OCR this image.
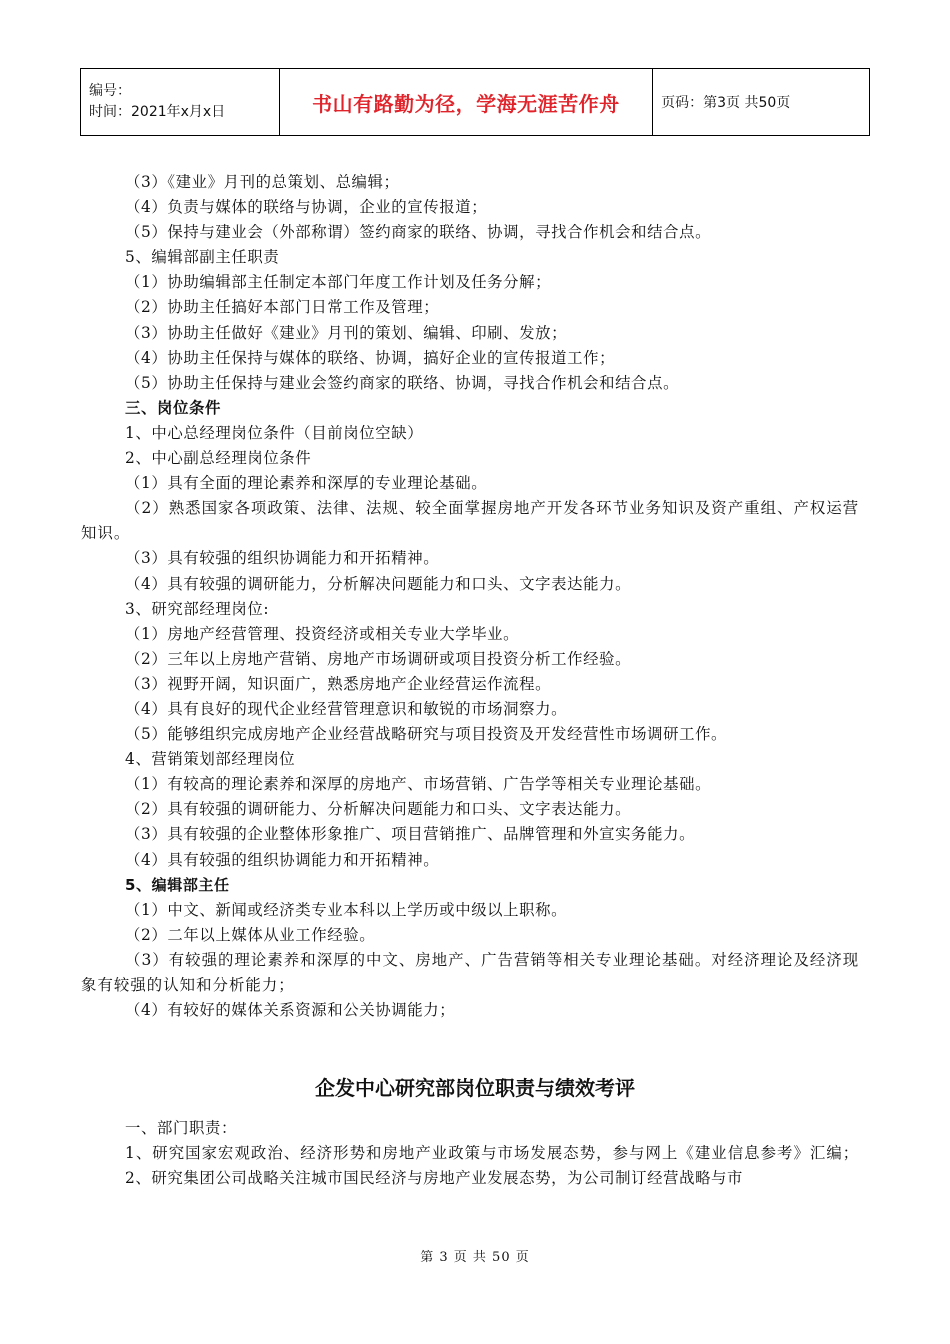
编号：
时间：2021年x月x日	书山有路勤为径，学海无涯苦作舟	页码：第3页 共50页
（3）《建业》月刊的总策划、总编辑；
（4）负责与媒体的联络与协调，企业的宣传报道；
（5）保持与建业会（外部称谓）签约商家的联络、协调，寻找合作机会和结合点。
5、编辑部副主任职责
（1）协助编辑部主任制定本部门年度工作计划及任务分解；
（2）协助主任搞好本部门日常工作及管理；
（3）协助主任做好《建业》月刊的策划、编辑、印刷、发放；
（4）协助主任保持与媒体的联络、协调，搞好企业的宣传报道工作；
（5）协助主任保持与建业会签约商家的联络、协调，寻找合作机会和结合点。
三、岗位条件
1、中心总经理岗位条件（目前岗位空缺）
2、中心副总经理岗位条件
（1）具有全面的理论素养和深厚的专业理论基础。
（2）熟悉国家各项政策、法律、法规、较全面掌握房地产开发各环节业务知识及资产重组、产权运营知识。
（3）具有较强的组织协调能力和开拓精神。
（4）具有较强的调研能力，分析解决问题能力和口头、文字表达能力。
3、研究部经理岗位:
（1）房地产经营管理、投资经济或相关专业大学毕业。
（2）三年以上房地产营销、房地产市场调研或项目投资分析工作经验。
（3）视野开阔，知识面广，熟悉房地产企业经营运作流程。
（4）具有良好的现代企业经营管理意识和敏锐的市场洞察力。
（5）能够组织完成房地产企业经营战略研究与项目投资及开发经营性市场调研工作。
4、营销策划部经理岗位
（1）有较高的理论素养和深厚的房地产、市场营销、广告学等相关专业理论基础。
（2）具有较强的调研能力、分析解决问题能力和口头、文字表达能力。
（3）具有较强的企业整体形象推广、项目营销推广、品牌管理和外宣实务能力。
（4）具有较强的组织协调能力和开拓精神。
5、编辑部主任
（1）中文、新闻或经济类专业本科以上学历或中级以上职称。
（2）二年以上媒体从业工作经验。
（3）有较强的理论素养和深厚的中文、房地产、广告营销等相关专业理论基础。对经济理论及经济现象有较强的认知和分析能力；
（4）有较好的媒体关系资源和公关协调能力；
企发中心研究部岗位职责与绩效考评
一、部门职责：
1、研究国家宏观政治、经济形势和房地产业政策与市场发展态势，参与网上《建业信息参考》汇编；
2、研究集团公司战略关注城市国民经济与房地产业发展态势，为公司制订经营战略与市
第 3 页 共 50 页
